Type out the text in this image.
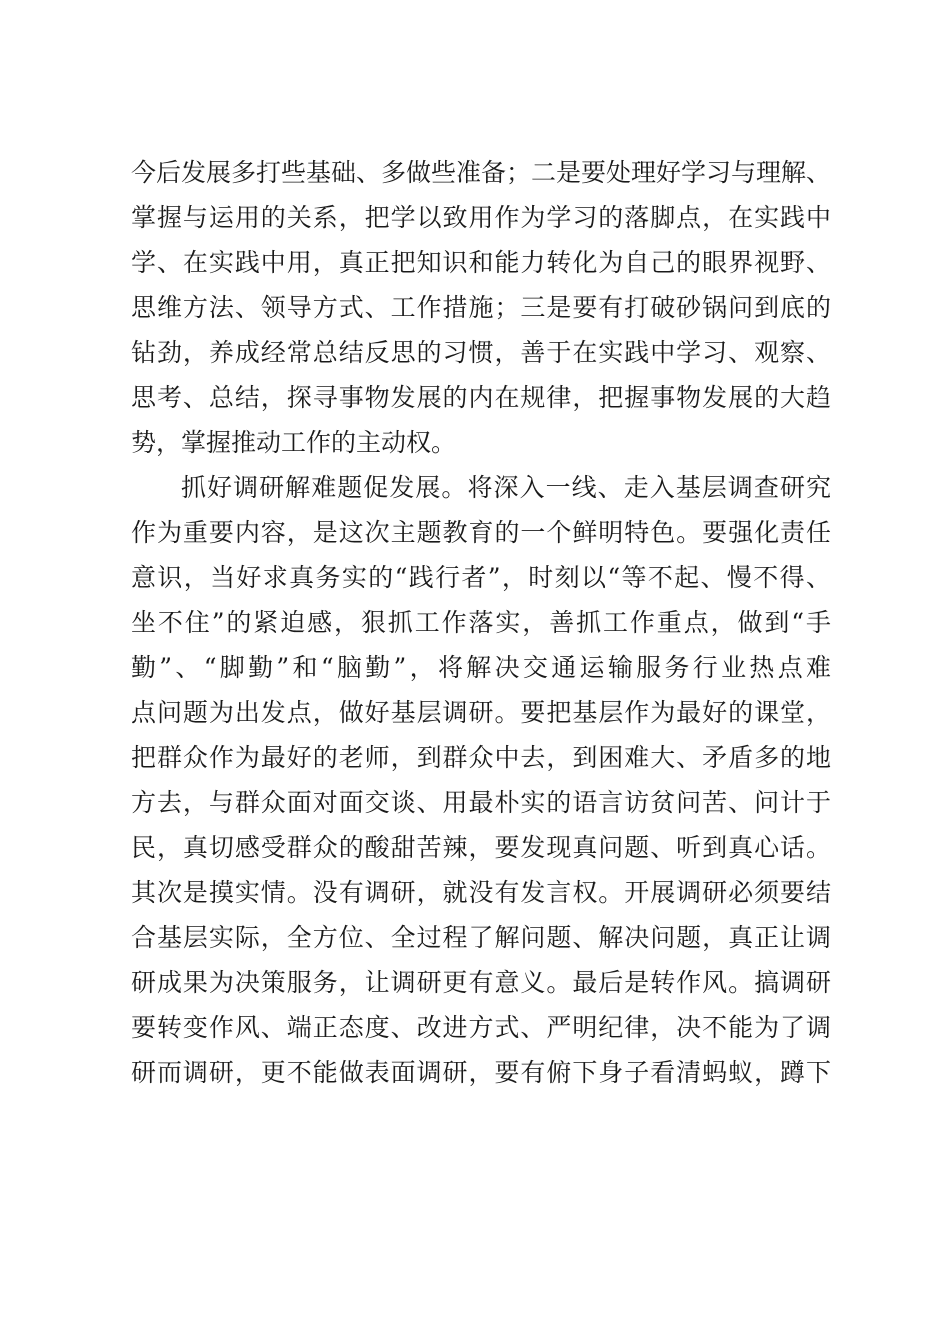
今后发展多打些基础、多做些准备；二是要处理好学习与理解、
掌握与运用的关系，把学以致用作为学习的落脚点，在实践中
学、在实践中用，真正把知识和能力转化为自己的眼界视野、
思维方法、领导方式、工作措施；三是要有打破砂锅问到底的
钻劲，养成经常总结反思的习惯，善于在实践中学习、观察、
思考、总结，探寻事物发展的内在规律，把握事物发展的大趋
势，掌握推动工作的主动权。
抓好调研解难题促发展。将深入一线、走入基层调查研究
作为重要内容，是这次主题教育的一个鲜明特色。要强化责任
意识，当好求真务实的“践行者”，时刻以“等不起、慢不得、
坐不住”的紧迫感，狠抓工作落实，善抓工作重点，做到“手
勤”、“脚勤”和“脑勤”，将解决交通运输服务行业热点难
点问题为出发点，做好基层调研。要把基层作为最好的课堂，
把群众作为最好的老师，到群众中去，到困难大、矛盾多的地
方去，与群众面对面交谈、用最朴实的语言访贫问苦、问计于
民，真切感受群众的酸甜苦辣，要发现真问题、听到真心话。
其次是摸实情。没有调研，就没有发言权。开展调研必须要结
合基层实际，全方位、全过程了解问题、解决问题，真正让调
研成果为决策服务，让调研更有意义。最后是转作风。搞调研
要转变作风、端正态度、改进方式、严明纪律，决不能为了调
研而调研，更不能做表面调研，要有俯下身子看清蚂蚁，蹲下
